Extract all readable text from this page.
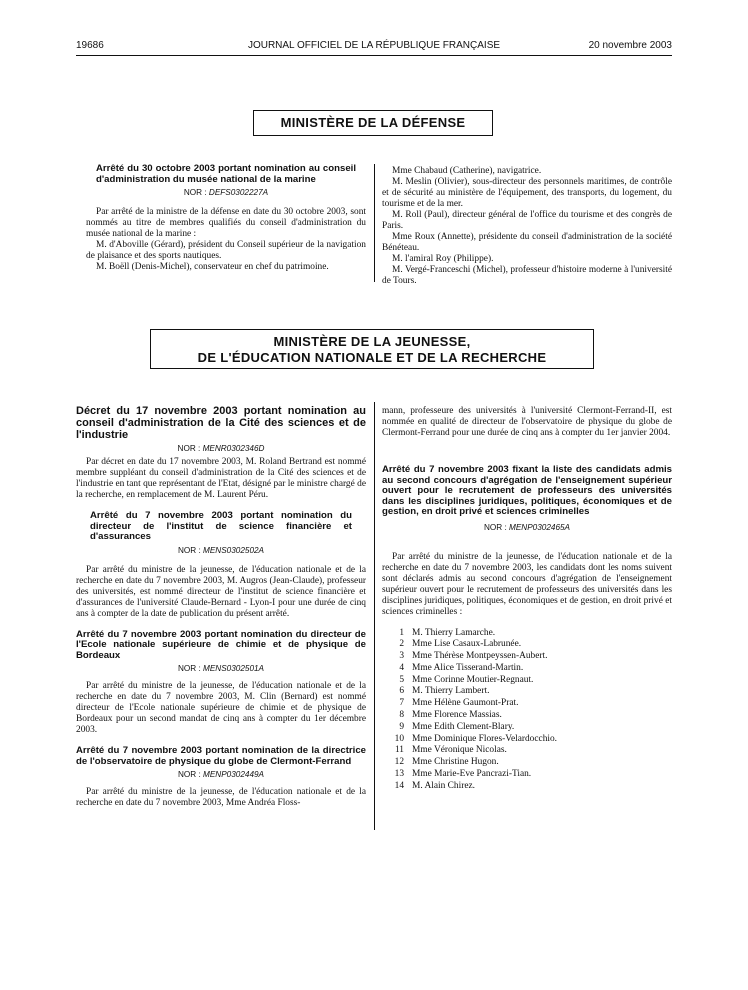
19686	JOURNAL OFFICIEL DE LA RÉPUBLIQUE FRANÇAISE	20 novembre 2003
MINISTÈRE DE LA DÉFENSE

Arrêté du 30 octobre 2003 portant nomination au conseil d'administration du musée national de la marine

NOR : DEFS0302227A

Par arrêté de la ministre de la défense en date du 30 octobre 2003, sont nommés au titre de membres qualifiés du conseil d'administration du musée national de la marine :

M. d'Aboville (Gérard), président du Conseil supérieur de la navigation de plaisance et des sports nautiques.

M. Boëll (Denis-Michel), conservateur en chef du patrimoine.

Mme Chabaud (Catherine), navigatrice.

M. Meslin (Olivier), sous-directeur des personnels maritimes, de contrôle et de sécurité au ministère de l'équipement, des transports, du logement, du tourisme et de la mer.

M. Roll (Paul), directeur général de l'office du tourisme et des congrès de Paris.

Mme Roux (Annette), présidente du conseil d'administration de la société Bénéteau.

M. l'amiral Roy (Philippe).

M. Vergé-Franceschi (Michel), professeur d'histoire moderne à l'université de Tours.

MINISTÈRE DE LA JEUNESSE,
DE L'ÉDUCATION NATIONALE ET DE LA RECHERCHE

Décret du 17 novembre 2003 portant nomination au conseil d'administration de la Cité des sciences et de l'industrie

NOR : MENR0302346D

Par décret en date du 17 novembre 2003, M. Roland Bertrand est nommé membre suppléant du conseil d'administration de la Cité des sciences et de l'industrie en tant que représentant de l'Etat, désigné par le ministre chargé de la recherche, en remplacement de M. Laurent Péru.

Arrêté du 7 novembre 2003 portant nomination du directeur de l'institut de science financière et d'assurances

NOR : MENS0302502A

Par arrêté du ministre de la jeunesse, de l'éducation nationale et de la recherche en date du 7 novembre 2003, M. Augros (Jean-Claude), professeur des universités, est nommé directeur de l'institut de science financière et d'assurances de l'université Claude-Bernard - Lyon-I pour une durée de cinq ans à compter de la date de publication du présent arrêté.

Arrêté du 7 novembre 2003 portant nomination du directeur de l'Ecole nationale supérieure de chimie et de physique de Bordeaux

NOR : MENS0302501A

Par arrêté du ministre de la jeunesse, de l'éducation nationale et de la recherche en date du 7 novembre 2003, M. Clin (Bernard) est nommé directeur de l'Ecole nationale supérieure de chimie et de physique de Bordeaux pour un second mandat de cinq ans à compter du 1er décembre 2003.

Arrêté du 7 novembre 2003 portant nomination de la directrice de l'observatoire de physique du globe de Clermont-Ferrand

NOR : MENP0302449A

Par arrêté du ministre de la jeunesse, de l'éducation nationale et de la recherche en date du 7 novembre 2003, Mme Andréa Floss-

mann, professeure des universités à l'université Clermont-Ferrand-II, est nommée en qualité de directeur de l'observatoire de physique du globe de Clermont-Ferrand pour une durée de cinq ans à compter du 1er janvier 2004.

Arrêté du 7 novembre 2003 fixant la liste des candidats admis au second concours d'agrégation de l'enseignement supérieur ouvert pour le recrutement de professeurs des universités dans les disciplines juridiques, politiques, économiques et de gestion, en droit privé et sciences criminelles

NOR : MENP0302465A

Par arrêté du ministre de la jeunesse, de l'éducation nationale et de la recherche en date du 7 novembre 2003, les candidats dont les noms suivent sont déclarés admis au second concours d'agrégation de l'enseignement supérieur ouvert pour le recrutement de professeurs des universités dans les disciplines juridiques, politiques, économiques et de gestion, en droit privé et sciences criminelles :

1 M. Thierry Lamarche.
2 Mme Lise Casaux-Labrunée.
3 Mme Thérèse Montpeyssen-Aubert.
4 Mme Alice Tisserand-Martin.
5 Mme Corinne Moutier-Regnaut.
6 M. Thierry Lambert.
7 Mme Hélène Gaumont-Prat.
8 Mme Florence Massias.
9 Mme Edith Clement-Blary.
10 Mme Dominique Flores-Velardocchio.
11 Mme Véronique Nicolas.
12 Mme Christine Hugon.
13 Mme Marie-Eve Pancrazi-Tian.
14 M. Alain Chirez.
